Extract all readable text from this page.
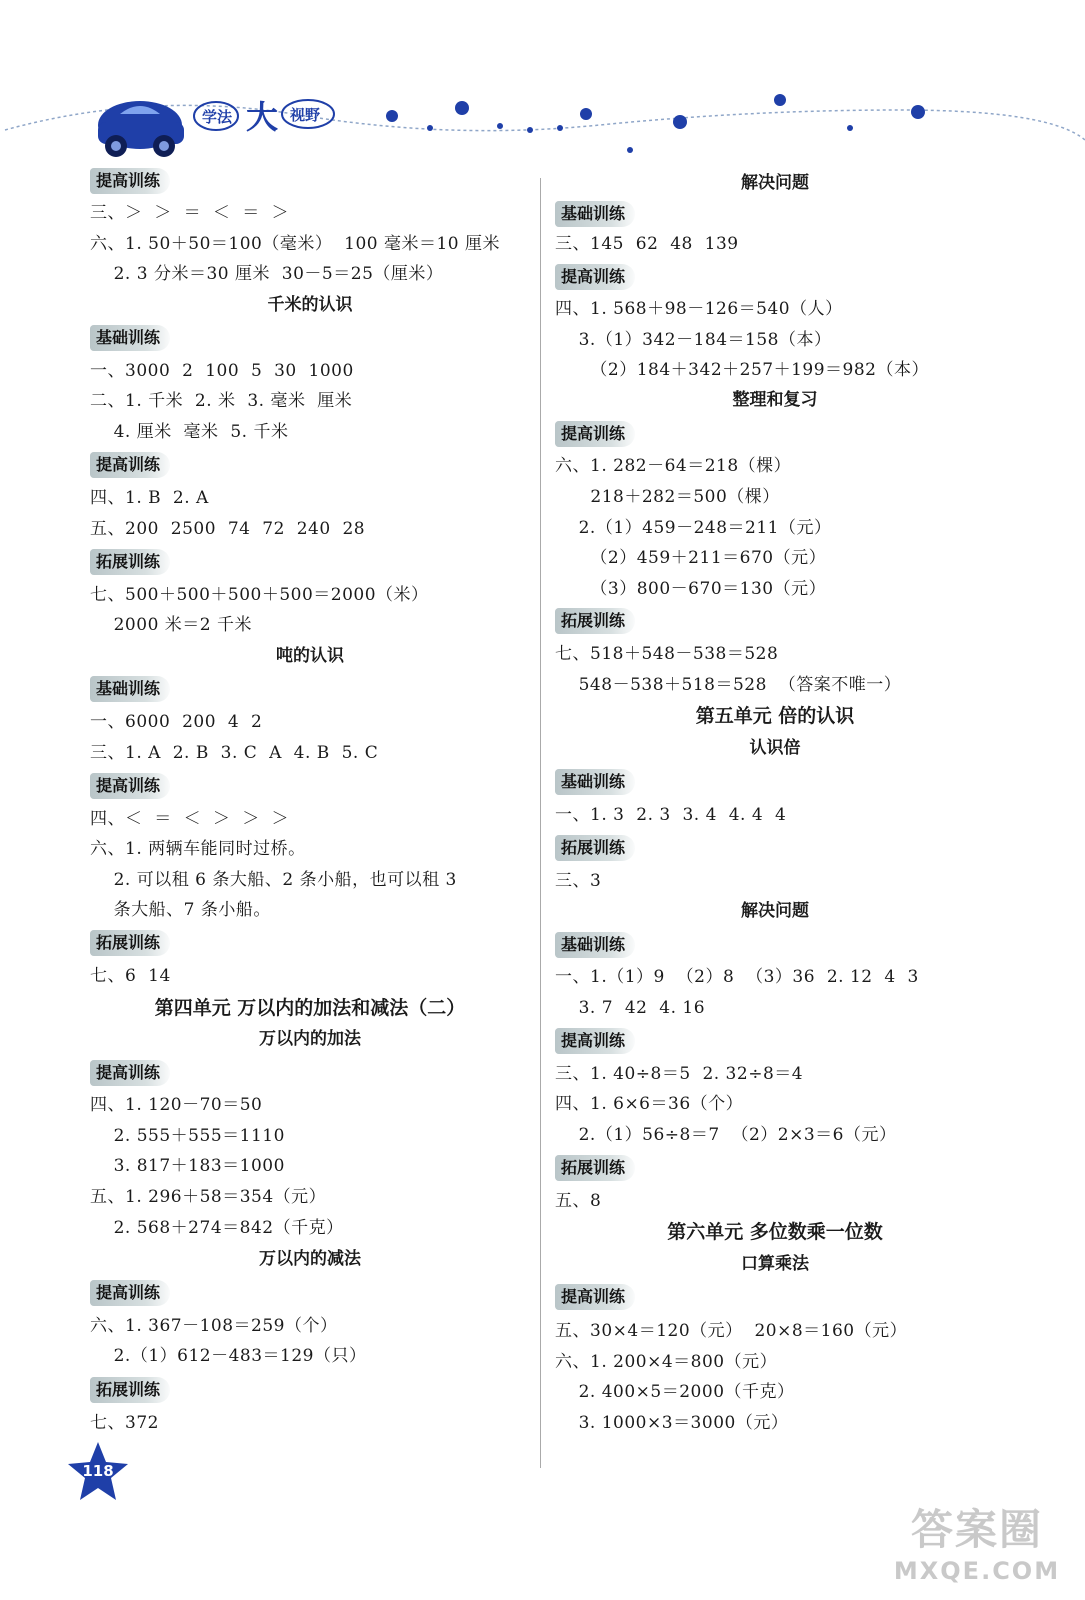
学法 大 视野
提高训练
三、＞  ＞  ＝  ＜  ＝  ＞
六、1. 50＋50＝100（毫米）  100 毫米＝10 厘米
2. 3 分米＝30 厘米  30－5＝25（厘米）
千米的认识
基础训练
一、3000  2  100  5  30  1000
二、1. 千米  2. 米  3. 毫米  厘米
4. 厘米  毫米  5. 千米
提高训练
四、1. B  2. A
五、200  2500  74  72  240  28
拓展训练
七、500＋500＋500＋500＝2000（米）
2000 米＝2 千米
吨的认识
基础训练
一、6000  200  4  2
三、1. A  2. B  3. C  A  4. B  5. C
提高训练
四、＜  ＝  ＜  ＞  ＞  ＞
六、1. 两辆车能同时过桥。
2. 可以租 6 条大船、2 条小船，也可以租 3
条大船、7 条小船。
拓展训练
七、6  14
第四单元 万以内的加法和减法（二）
万以内的加法
提高训练
四、1. 120－70＝50
2. 555＋555＝1110
3. 817＋183＝1000
五、1. 296＋58＝354（元）
2. 568＋274＝842（千克）
万以内的减法
提高训练
六、1. 367－108＝259（个）
2.（1）612－483＝129（只）
拓展训练
七、372
解决问题
基础训练
三、145  62  48  139
提高训练
四、1. 568＋98－126＝540（人）
3.（1）342－184＝158（本）
（2）184＋342＋257＋199＝982（本）
整理和复习
提高训练
六、1. 282－64＝218（棵）
218＋282＝500（棵）
2.（1）459－248＝211（元）
（2）459＋211＝670（元）
（3）800－670＝130（元）
拓展训练
七、518＋548－538＝528
548－538＋518＝528  （答案不唯一）
第五单元 倍的认识
认识倍
基础训练
一、1. 3  2. 3  3. 4  4. 4  4
拓展训练
三、3
解决问题
基础训练
一、1.（1）9  （2）8  （3）36  2. 12  4  3
3. 7  42  4. 16
提高训练
三、1. 40÷8＝5  2. 32÷8＝4
四、1. 6×6＝36（个）
2.（1）56÷8＝7  （2）2×3＝6（元）
拓展训练
五、8
第六单元 多位数乘一位数
口算乘法
提高训练
五、30×4＝120（元）  20×8＝160（元）
六、1. 200×4＝800（元）
2. 400×5＝2000（千克）
3. 1000×3＝3000（元）
118
答案圈
MXQE.COM
